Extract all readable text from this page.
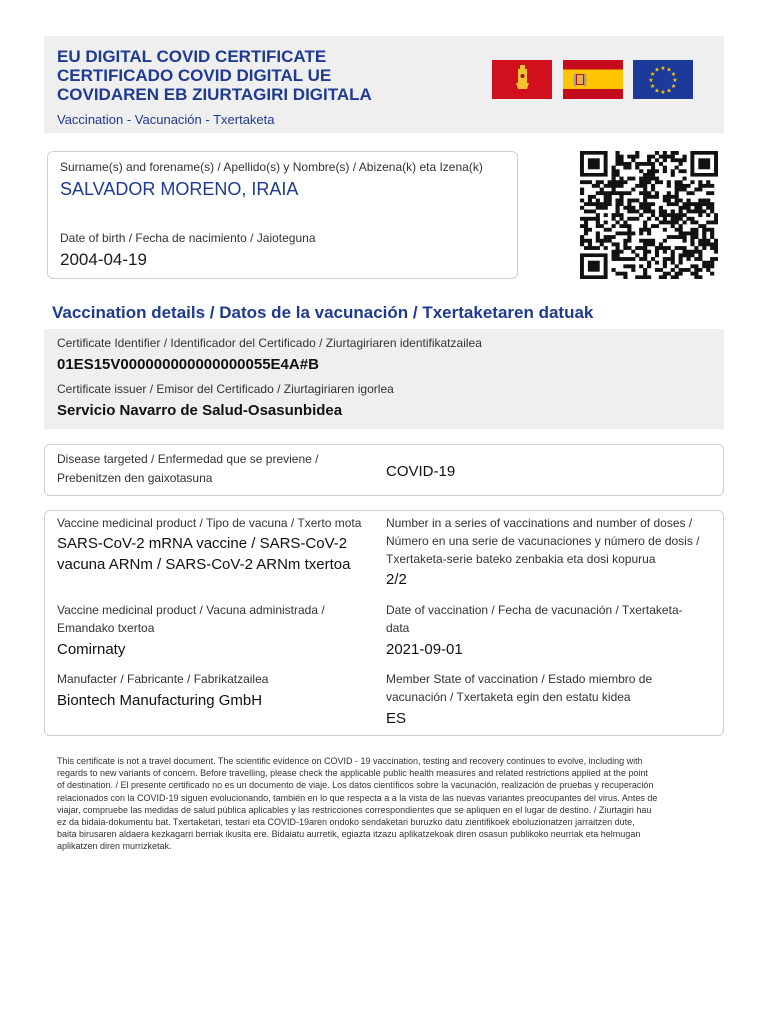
EU DIGITAL COVID CERTIFICATE
CERTIFICADO COVID DIGITAL UE
COVIDAREN EB ZIURTAGIRI DIGITALA
Vaccination - Vacunación - Txertaketa
★ ★
★
★
★
★
★
★
★
★
★
★
Surname(s) and forename(s) / Apellido(s) y Nombre(s) / Abizena(k) eta Izena(k)
SALVADOR MORENO, IRAIA
Date of birth / Fecha de nacimiento / Jaioteguna
2004-04-19
Vaccination details / Datos de la vacunación / Txertaketaren datuak
Certificate Identifier / Identificador del Certificado / Ziurtagiriaren identifikatzailea
01ES15V000000000000000055E4A#B
Certificate issuer / Emisor del Certificado / Ziurtagiriaren igorlea
Servicio Navarro de Salud-Osasunbidea
Disease targeted / Enfermedad que se previene /
Prebenitzen den gaixotasuna	COVID-19
Vaccine medicinal product / Tipo de vacuna / Txerto mota
SARS-CoV-2 mRNA vaccine / SARS-CoV-2
vacuna ARNm / SARS-CoV-2 ARNm txertoa
Vaccine medicinal product / Vacuna administrada /
Emandako txertoa
Comirnaty
Manufacter / Fabricante / Fabrikatzailea
Biontech Manufacturing GmbH
Number in a series of vaccinations and number of doses /
Número en una serie de vacunaciones y número de dosis /
Txertaketa-serie bateko zenbakia eta dosi kopurua
2/2
Date of vaccination / Fecha de vacunación / Txertaketa-
data
2021-09-01
Member State of vaccination / Estado miembro de
vacunación / Txertaketa egin den estatu kidea
ES
This certificate is not a travel document. The scientific evidence on COVID - 19 vaccination, testing and recovery continues to evolve, including with
regards to new variants of concern. Before travelling, please check the applicable public health measures and related restrictions applied at the point
of destination. / El presente certificado no es un documento de viaje. Los datos científicos sobre la vacunación, realización de pruebas y recuperación
relacionados con la COVID-19 siguen evolucionando, también en lo que respecta a a la vista de las nuevas variantes preocupantes del virus. Antes de
viajar, compruebe las medidas de salud pública aplicables y las restricciones correspondientes que se apliquen en el lugar de destino. / Ziurtagiri hau
ez da bidaia-dokumentu bat. Txertaketari, testari eta COVID-19aren ondoko sendaketari buruzko datu zientifikoek eboluzionatzen jarraitzen dute,
baita birusaren aldaera kezkagarri berriak ikusita ere. Bidaiatu aurretik, egiazta itzazu aplikatzekoak diren osasun publikoko neurriak eta helmugan
aplikatzen diren murrizketak.
